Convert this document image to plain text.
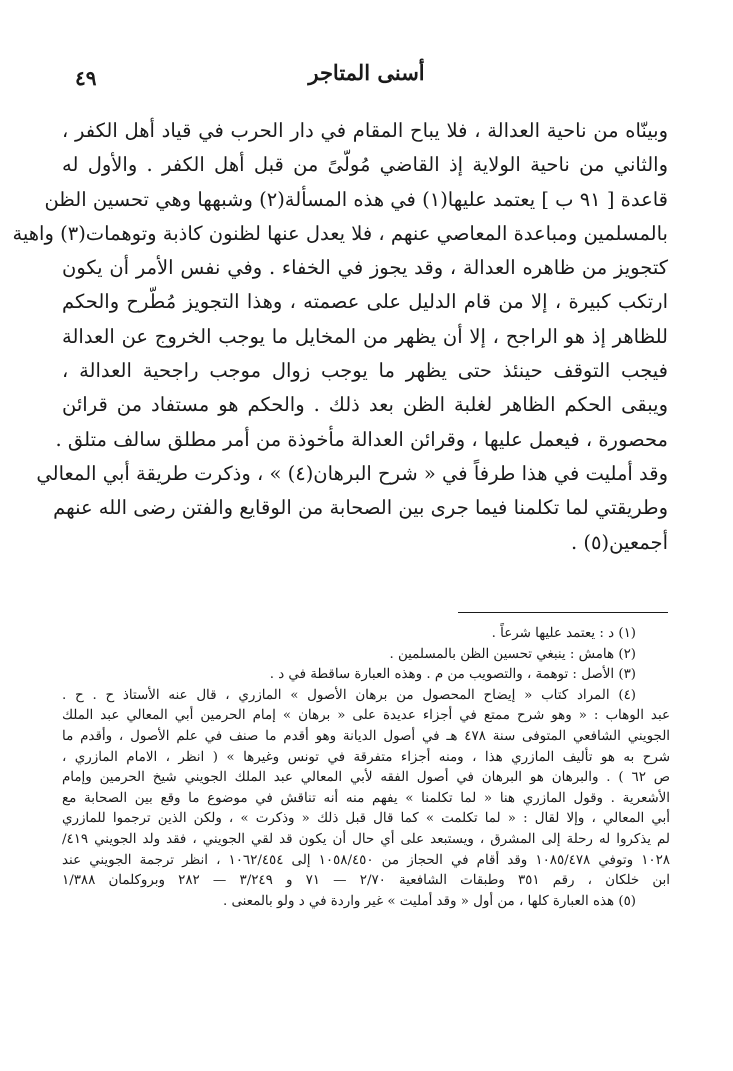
٤٩	أسنى المتاجر
وبينّاه من ناحية العدالة ، فلا يباح المقام في دار الحرب في قياد أهل الكفر ،
والثاني من ناحية الولاية إذ القاضي مُولّىً من قبل أهل الكفر . والأول له
قاعدة [ ٩١ ب ] يعتمد عليها(١) في هذه المسألة(٢) وشبهها وهي تحسين الظن
بالمسلمين ومباعدة المعاصي عنهم ، فلا يعدل عنها لظنون كاذبة وتوهمات(٣) واهية
كتجويز من ظاهره العدالة ، وقد يجوز في الخفاء . وفي نفس الأمر أن يكون
ارتكب كبيرة ، إلا من قام الدليل على عصمته ، وهذا التجويز مُطّرح والحكم
للظاهر إذ هو الراجح ، إلا أن يظهر من المخايل ما يوجب الخروج عن العدالة
فيجب التوقف حينئذ حتى يظهر ما يوجب زوال موجب راجحية العدالة ،
ويبقى الحكم الظاهر لغلبة الظن بعد ذلك . والحكم هو مستفاد من قرائن
محصورة ، فيعمل عليها ، وقرائن العدالة مأخوذة من أمر مطلق سالف متلق .
وقد أمليت في هذا طرفاً في « شرح البرهان(٤) » ، وذكرت طريقة أبي المعالي
وطريقتي لما تكلمنا فيما جرى بين الصحابة من الوقايع والفتن رضى الله عنهم
أجمعين(٥) .
(١) د : يعتمد عليها شرعاً .
(٢) هامش : ينبغي تحسين الظن بالمسلمين .
(٣) الأصل : توهمة ، والتصويب من م . وهذه العبارة ساقطة في د .
(٤) المراد كتاب « إيضاح المحصول من برهان الأصول » المازري ، قال عنه الأستاذ ح . ح .
عبد الوهاب : « وهو شرح ممتع في أجزاء عديدة على « برهان » إمام الحرمين أبي المعالي عبد الملك
الجويني الشافعي المتوفى سنة ٤٧٨ هـ في أصول الديانة وهو أقدم ما صنف في علم الأصول ، وأقدم ما
شرح به هو تأليف المازري هذا ، ومنه أجزاء متفرقة في تونس وغيرها » ( انظر ، الامام المازري ،
ص ٦٢ ) . والبرهان هو البرهان في أصول الفقه لأبي المعالي عبد الملك الجويني شيخ الحرمين وإمام
الأشعرية . وقول المازري هنا « لما تكلمنا » يفهم منه أنه تناقش في موضوع ما وقع بين الصحابة مع
أبي المعالي ، وإلا لقال : « لما تكلمت » كما قال قبل ذلك « وذكرت » ، ولكن الذين ترجموا للمازري
لم يذكروا له رحلة إلى المشرق ، ويستبعد على أي حال أن يكون قد لقي الجويني ، فقد ولد الجويني ٤١٩/
١٠٢٨ وتوفي ١٠٨٥/٤٧٨ وقد أقام في الحجاز من ١٠٥٨/٤٥٠ إلى ١٠٦٢/٤٥٤ ، انظر ترجمة الجويني عند
ابن خلكان ، رقم ٣٥١ وطبقات الشافعية ٢/٧٠ — ٧١ و ٣/٢٤٩ — ٢٨٢ وبروكلمان ١/٣٨٨
(٥) هذه العبارة كلها ، من أول « وقد أمليت » غير واردة في د ولو بالمعنى .
